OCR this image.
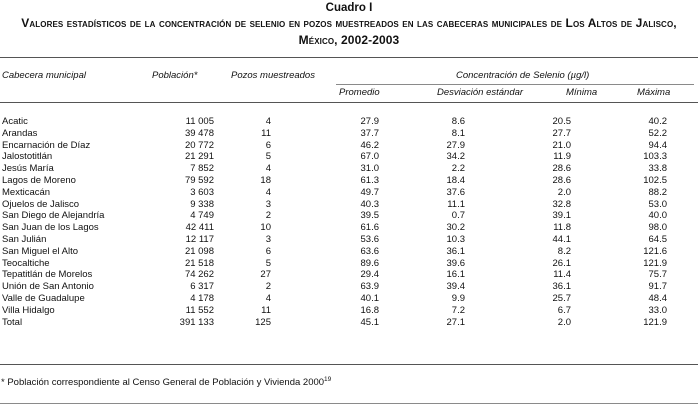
Cuadro I
Valores estadísticos de la concentración de selenio en pozos muestreados en las cabeceras municipales de Los Altos de Jalisco, México, 2002-2003
Cabecera municipal	Población*	Pozos muestreados	Concentración de Selenio (µg/l)
Promedio	Desviación estándar	Mínima	Máxima
Acatic	11 005	4	27.9	8.6	20.5	40.2
Arandas	39 478	11	37.7	8.1	27.7	52.2
Encarnación de Díaz	20 772	6	46.2	27.9	21.0	94.4
Jalostotitlán	21 291	5	67.0	34.2	11.9	103.3
Jesús María	7 852	4	31.0	2.2	28.6	33.8
Lagos de Moreno	79 592	18	61.3	18.4	28.6	102.5
Mexticacán	3 603	4	49.7	37.6	2.0	88.2
Ojuelos de Jalisco	9 338	3	40.3	11.1	32.8	53.0
San Diego de Alejandría	4 749	2	39.5	0.7	39.1	40.0
San Juan de los Lagos	42 411	10	61.6	30.2	11.8	98.0
San Julián	12 117	3	53.6	10.3	44.1	64.5
San Miguel el Alto	21 098	6	63.6	36.1	8.2	121.6
Teocaltiche	21 518	5	89.6	39.6	26.1	121.9
Tepatitlán de Morelos	74 262	27	29.4	16.1	11.4	75.7
Unión de San Antonio	6 317	2	63.9	39.4	36.1	91.7
Valle de Guadalupe	4 178	4	40.1	9.9	25.7	48.4
Villa Hidalgo	11 552	11	16.8	7.2	6.7	33.0
Total	391 133	125	45.1	27.1	2.0	121.9
* Población correspondiente al Censo General de Población y Vivienda 2000$^{19}$
